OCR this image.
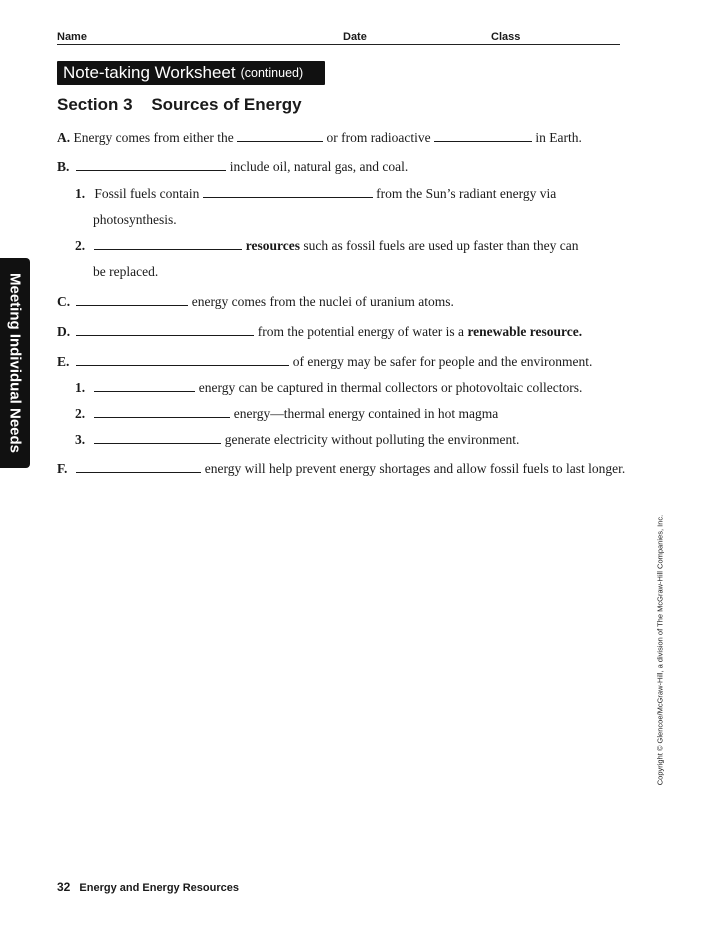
Name	Date	Class
Note-taking Worksheet (continued)
Section 3 Sources of Energy
A. Energy comes from either the	or from radioactive	in Earth.
B.	include oil, natural gas, and coal.
1. Fossil fuels contain	from the Sun’s radiant energy via
photosynthesis.
2.	resources such as fossil fuels are used up faster than they can
be replaced.
C.	energy comes from the nuclei of uranium atoms.
D.	from the potential energy of water is a renewable resource.
E.	of energy may be safer for people and the environment.
1.	energy can be captured in thermal collectors or photovoltaic collectors.
2.	energy—thermal energy contained in hot magma
3.	generate electricity without polluting the environment.
F.	energy will help prevent energy shortages and allow fossil fuels to last longer.
Meeting Individual Needs
Copyright © Glencoe/McGraw-Hill, a division of The McGraw-Hill Companies, Inc.
32 Energy and Energy Resources
